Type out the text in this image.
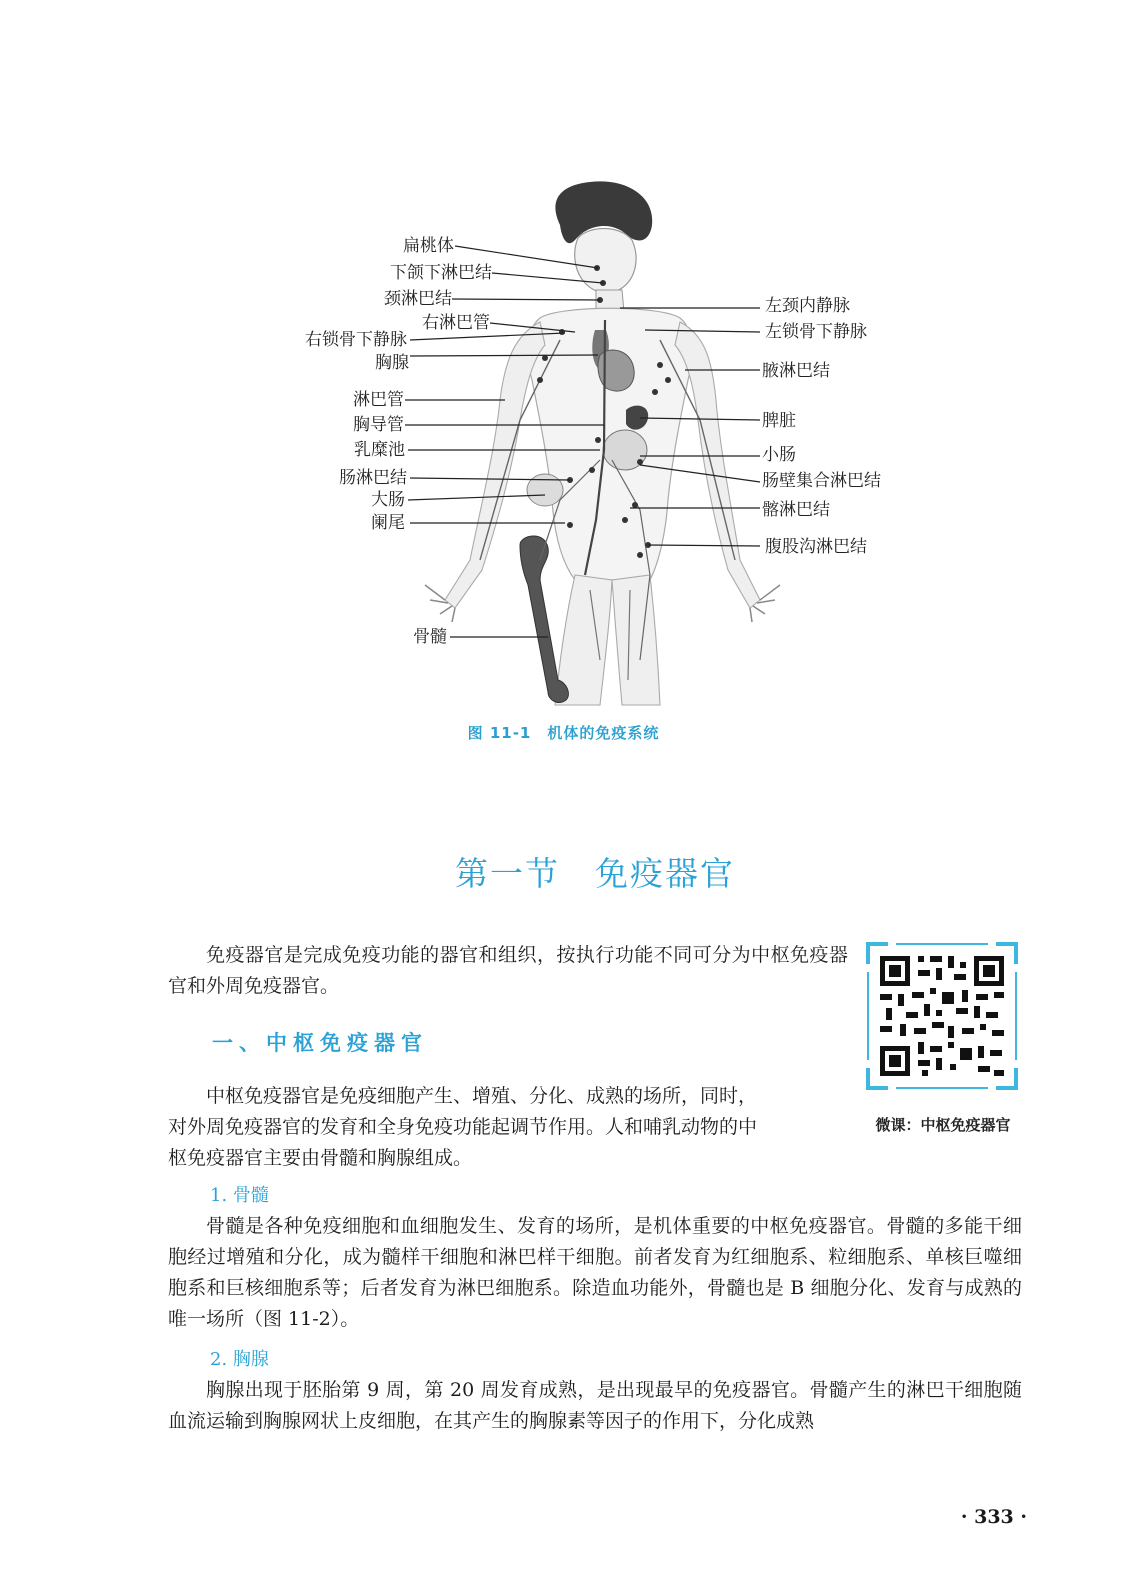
扁桃体
下颌下淋巴结
颈淋巴结
右淋巴管
右锁骨下静脉
胸腺
淋巴管
胸导管
乳糜池
肠淋巴结
大肠
阑尾
骨髓
左颈内静脉
左锁骨下静脉
腋淋巴结
脾脏
小肠
肠壁集合淋巴结
髂淋巴结
腹股沟淋巴结
图 11-1　机体的免疫系统
第一节　免疫器官
免疫器官是完成免疫功能的器官和组织，按执行功能不同可分为中枢免疫器官和外周免疫器官。
一、中枢免疫器官
中枢免疫器官是免疫细胞产生、增殖、分化、成熟的场所，同时，
对外周免疫器官的发育和全身免疫功能起调节作用。人和哺乳动物的中
枢免疫器官主要由骨髓和胸腺组成。
微课：中枢免疫器官
1. 骨髓
骨髓是各种免疫细胞和血细胞发生、发育的场所，是机体重要的中枢免疫器官。骨髓的多能干细胞经过增殖和分化，成为髓样干细胞和淋巴样干细胞。前者发育为红细胞系、粒细胞系、单核巨噬细胞系和巨核细胞系等；后者发育为淋巴细胞系。除造血功能外，骨髓也是 B 细胞分化、发育与成熟的唯一场所（图 11-2）。
2. 胸腺
胸腺出现于胚胎第 9 周，第 20 周发育成熟，是出现最早的免疫器官。骨髓产生的淋巴干细胞随血流运输到胸腺网状上皮细胞，在其产生的胸腺素等因子的作用下，分化成熟
· 333 ·
